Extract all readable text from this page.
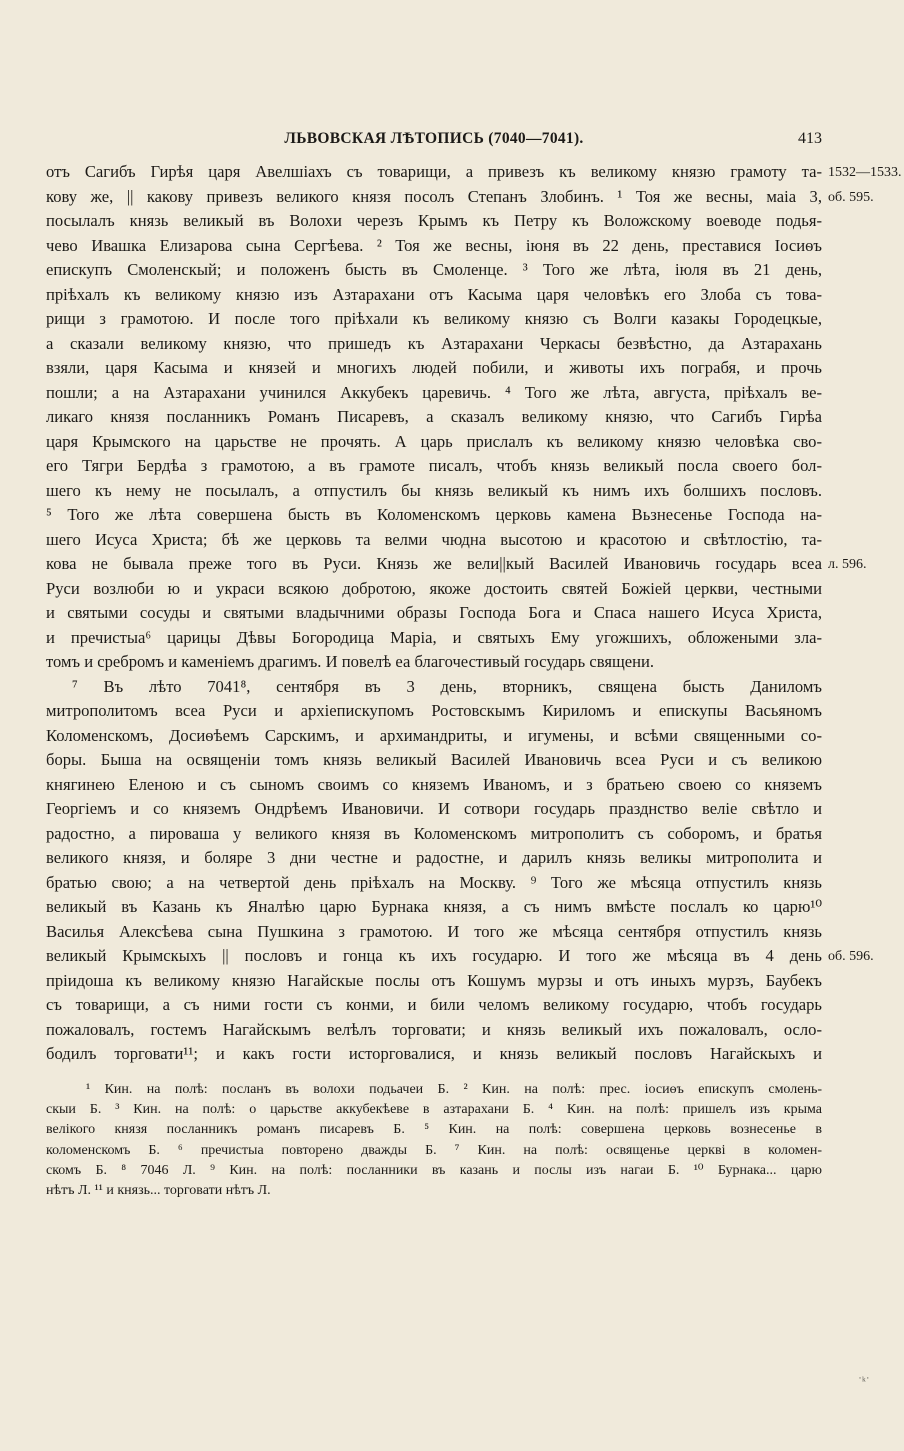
ЛЬВОВСКАЯ ЛѢТОПИСЬ (7040—7041).	413
отъ Сагибъ Гирѣя царя Авелшiахъ съ товарищи, а привезъ къ великому князю грамоту та-
кову же, || какову привезъ великого князя посолъ Степанъ Злобинъ. ¹ Тоя же весны, маiа 3,
посылалъ князь великый въ Волохи черезъ Крымъ къ Петру къ Воложскому воеводе подья-
чево Ивашка Елизарова сына Сергѣева. ² Тоя же весны, iюня въ 22 день, преставися Iосиѳъ
епискупъ Смоленскый; и положенъ бысть въ Смоленце. ³ Того же лѣта, iюля въ 21 день,
прiѣхалъ къ великому князю изъ Азтарахани отъ Касыма царя человѣкъ его Злоба съ това-
рищи з грамотою. И после того прiѣхали къ великому князю съ Волги казакы Городецкые,
а сказали великому князю, что пришедъ къ Азтарахани Черкасы безвѣстно, да Азтарахань
взяли, царя Касыма и князей и многихъ людей побили, и животы ихъ пограбя, и прочь
пошли; а на Азтарахани учинился Аккубекъ царевичь. ⁴ Того же лѣта, августа, прiѣхалъ ве-
ликаго князя посланникъ Романъ Писаревъ, а сказалъ великому князю, что Сагибъ Гирѣа
царя Крымского на царьстве не прочять. А царь прислалъ къ великому князю человѣка сво-
его Тягри Бердѣа з грамотою, а въ грамоте писалъ, чтобъ князь великый посла своего бол-
шего къ нему не посылалъ, а отпустилъ бы князь великый къ нимъ ихъ болшихъ пословъ.
⁵ Того же лѣта совершена бысть въ Коломенскомъ церковь камена Вьзнесенье Господа на-
шего Исуса Христа; бѣ же церковь та велми чюдна высотою и красотою и свѣтлостiю, та-
кова не бывала преже того въ Руси. Князь же вели||кый Василей Ивановичь государь всеа
Руси возлюби ю и украси всякою добротою, якоже достоить святей Божiей церкви, честными
и святыми сосуды и святыми владычними образы Господа Бога и Спаса нашего Исуса Христа,
и пречистыа⁶ царицы Дѣвы Богородица Марiа, и святыхъ Ему угожшихъ, обложеными зла-
томъ и сребромъ и каменiемъ драгимъ. И повелѣ еа благочестивый государь священи.
⁷ Въ лѣто 7041⁸, сентября въ 3 день, вторникъ, священа бысть Даниломъ
митрополитомъ всеа Руси и архiепискупомъ Ростовскымъ Кириломъ и епискупы Васьяномъ
Коломенскомъ, Досиѳѣемъ Сарскимъ, и архимандриты, и игумены, и всѣми священными со-
боры. Быша на освященiи томъ князь великый Василей Ивановичь всеа Руси и съ великою
княгинею Еленою и съ сыномъ своимъ со княземъ Иваномъ, и з братьею своею со княземъ
Георгiемъ и со княземъ Ондрѣемъ Ивановичи. И сотвори государь празднство велiе свѣтло и
радостно, а пироваша у великого князя въ Коломенскомъ митрополитъ съ соборомъ, и братья
великого князя, и боляре 3 дни честне и радостне, и дарилъ князь великы митрополита и
братью свою; а на четвертой день прiѣхалъ на Москву. ⁹ Того же мѣсяца отпустилъ князь
великый въ Казань къ Яналѣю царю Бурнака князя, а съ нимъ вмѣсте послалъ ко царю¹⁰
Василья Алексѣева сына Пушкина з грамотою. И того же мѣсяца сентября отпустилъ князь
великый Крымскыхъ || пословъ и гонца къ ихъ государю. И того же мѣсяца въ 4 день
прiидоша къ великому князю Нагайскые послы отъ Кошумъ мурзы и отъ иныхъ мурзъ, Баубекъ
съ товарищи, а съ ними гости съ конми, и били челомъ великому государю, чтобъ государь
пожаловалъ, гостемъ Нагайскымъ велѣлъ торговати; и князь великый ихъ пожаловалъ, осло-
бодилъ торговати¹¹; и какъ гости исторговалися, и князь великый пословъ Нагайскыхъ и
1532—1533.
об. 595.
л. 596.
об. 596.
¹ Кин. на полѣ: посланъ въ волохи подьачеи Б. ² Кин. на полѣ: прес. iосиѳъ епискупъ смолень-
скыи Б. ³ Кин. на полѣ: о царьстве аккубекѣеве в азтарахани Б. ⁴ Кин. на полѣ: пришелъ изъ крыма
велiкого князя посланникъ романъ писаревъ Б. ⁵ Кин. на полѣ: совершена церковь вознесенье в
коломенскомъ Б. ⁶ пречистыа повторено дважды Б. ⁷ Кин. на полѣ: освященье церквi в коломен-
скомъ Б. ⁸ 7046 Л. ⁹ Кин. на полѣ: посланники въ казань и послы изъ нагаи Б. ¹⁰ Бурнака... царю
нѣтъ Л. ¹¹ и князь... торговати нѣтъ Л.
˙ᵏ˙
